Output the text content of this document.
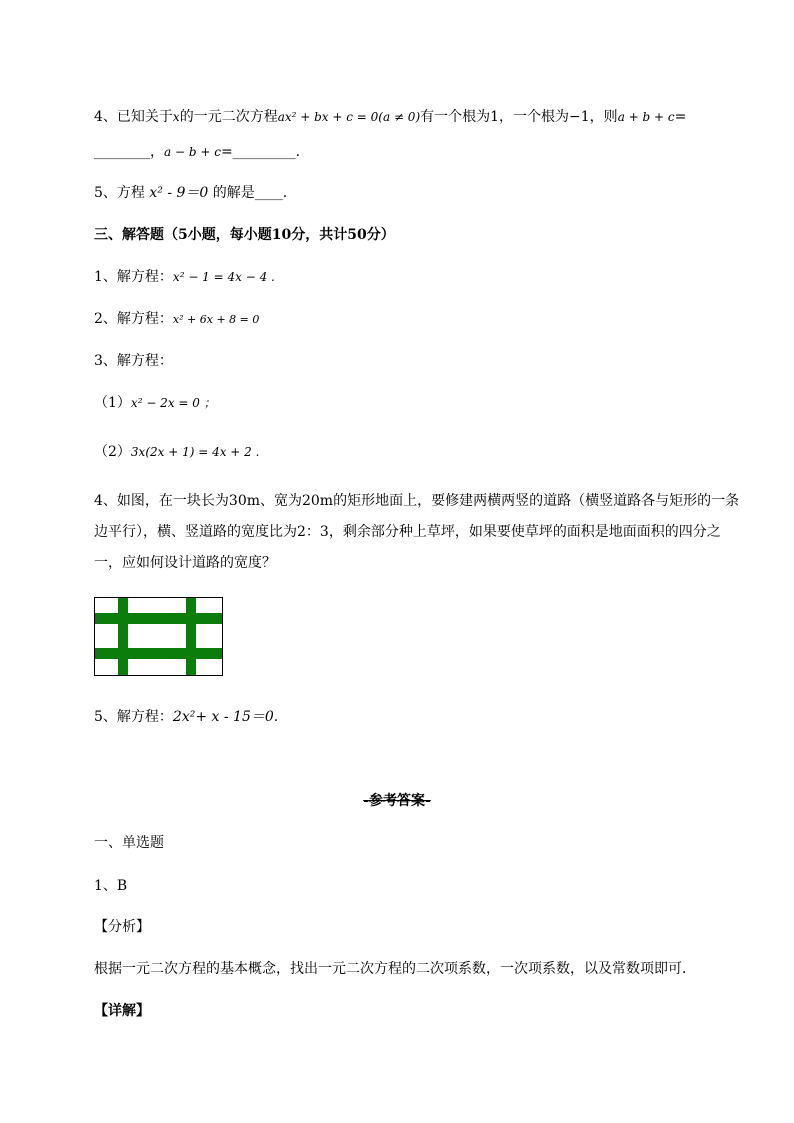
4、已知关于x的一元二次方程ax² + bx + c = 0(a ≠ 0)有一个根为1，一个根为−1，则a + b + c=
________，a − b + c=_________.
5、方程 x² - 9＝0 的解是____.
三、解答题（5小题，每小题10分，共计50分）
1、解方程：x² − 1 = 4x − 4 .
2、解方程：x² + 6x + 8 = 0
3、解方程：
（1）x² − 2x = 0 ；
（2）3x(2x + 1) = 4x + 2 .
4、如图，在一块长为30m、宽为20m的矩形地面上，要修建两横两竖的道路（横竖道路各与矩形的一条边平行），横、竖道路的宽度比为2：3，剩余部分种上草坪，如果要使草坪的面积是地面面积的四分之一，应如何设计道路的宽度？
5、解方程：2x²+ x - 15＝0.
-参考答案-
一、单选题
1、B
【分析】
根据一元二次方程的基本概念，找出一元二次方程的二次项系数，一次项系数，以及常数项即可．
【详解】
